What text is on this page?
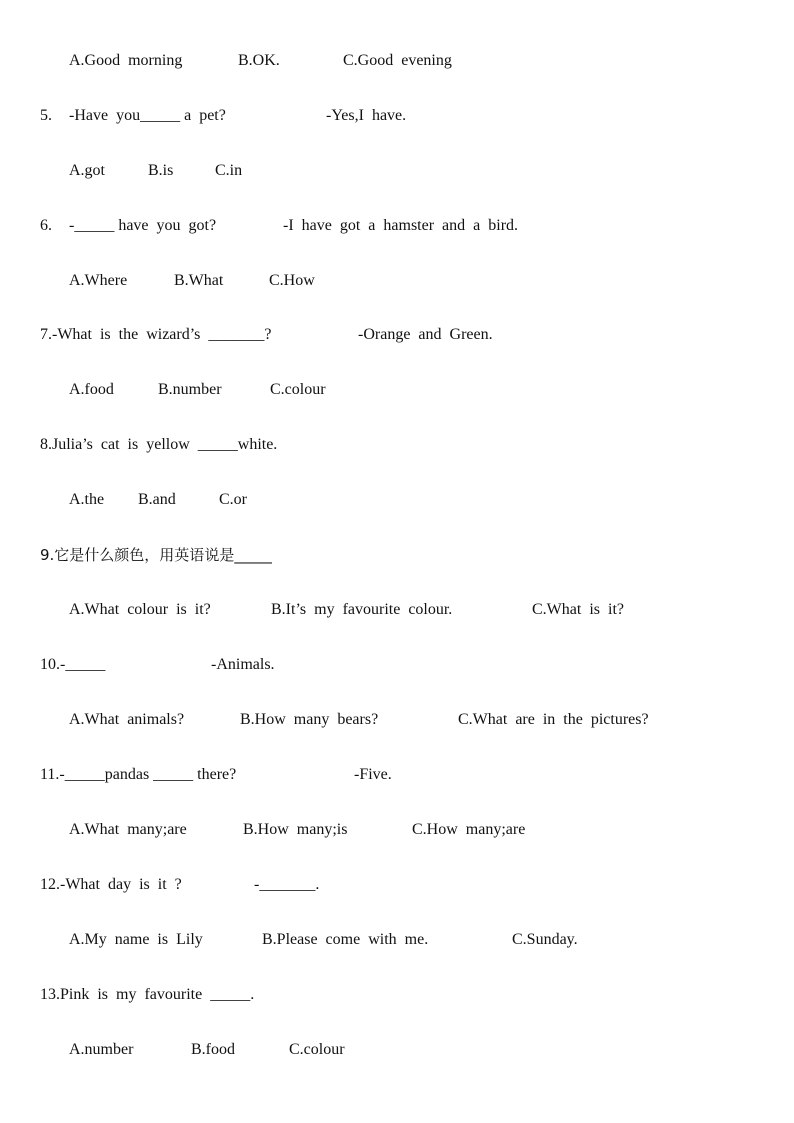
A.Good  morning	B.OK.	C.Good  evening
5. -Have  you_____ a  pet?	-Yes,I  have.
A.got	B.is	C.in
6. -_____ have  you  got?	-I  have  got  a  hamster  and  a  bird.
A.Where	B.What	C.How
7.-What  is  the  wizard’s  _______?	-Orange  and  Green.
A.food	B.number	C.colour
8.Julia’s  cat  is  yellow  _____white.
A.the B.and	C.or
9.它是什么颜色，用英语说是_____
A.What  colour  is  it?	B.It’s  my  favourite  colour.	C.What  is  it?
10.-_____	-Animals.
A.What  animals?	B.How  many  bears?	C.What  are  in  the  pictures?
11.-_____pandas _____ there?	-Five.
A.What  many;are	B.How  many;is	C.How  many;are
12.-What  day  is  it  ?	-_______.
A.My  name  is  Lily	B.Please  come  with  me.	C.Sunday.
13.Pink  is  my  favourite  _____.
A.number	B.food	C.colour
